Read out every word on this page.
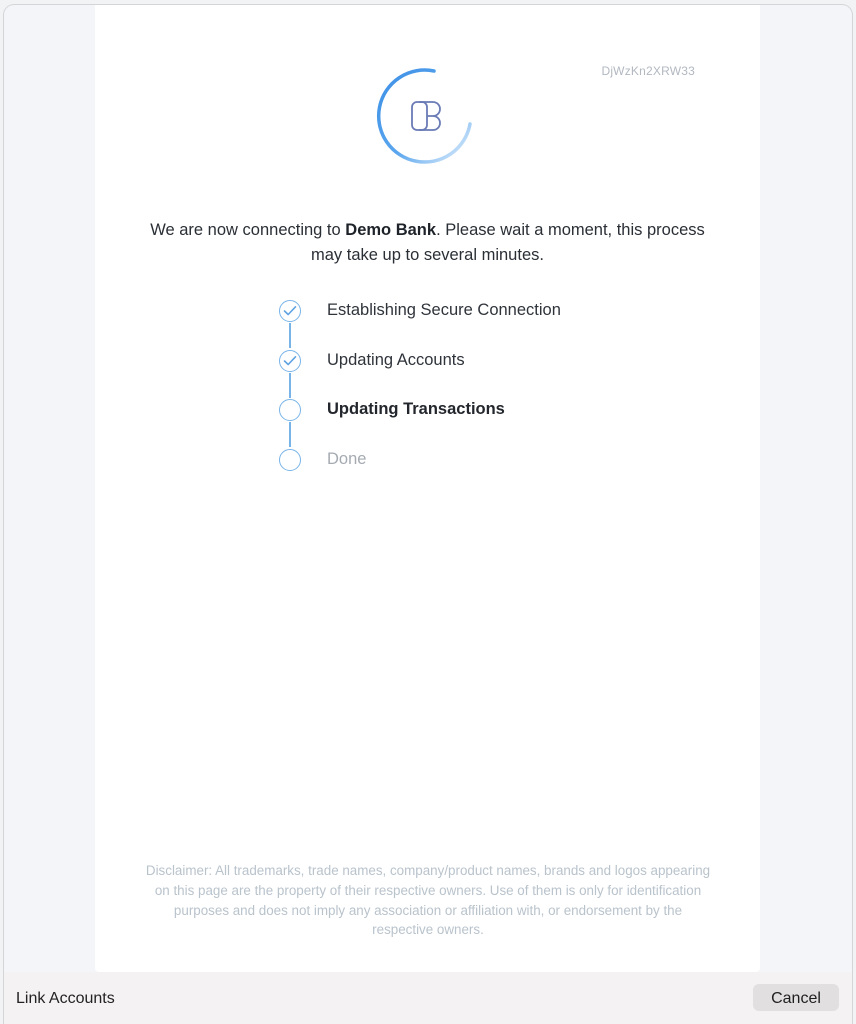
DjWzKn2XRW33
We are now connecting to Demo Bank. Please wait a moment, this process may take up to several minutes.
Establishing Secure Connection
Updating Accounts
Updating Transactions
Done
Disclaimer: All trademarks, trade names, company/product names, brands and logos appearing on this page are the property of their respective owners. Use of them is only for identification purposes and does not imply any association or affiliation with, or endorsement by the respective owners.
Link Accounts	Cancel
